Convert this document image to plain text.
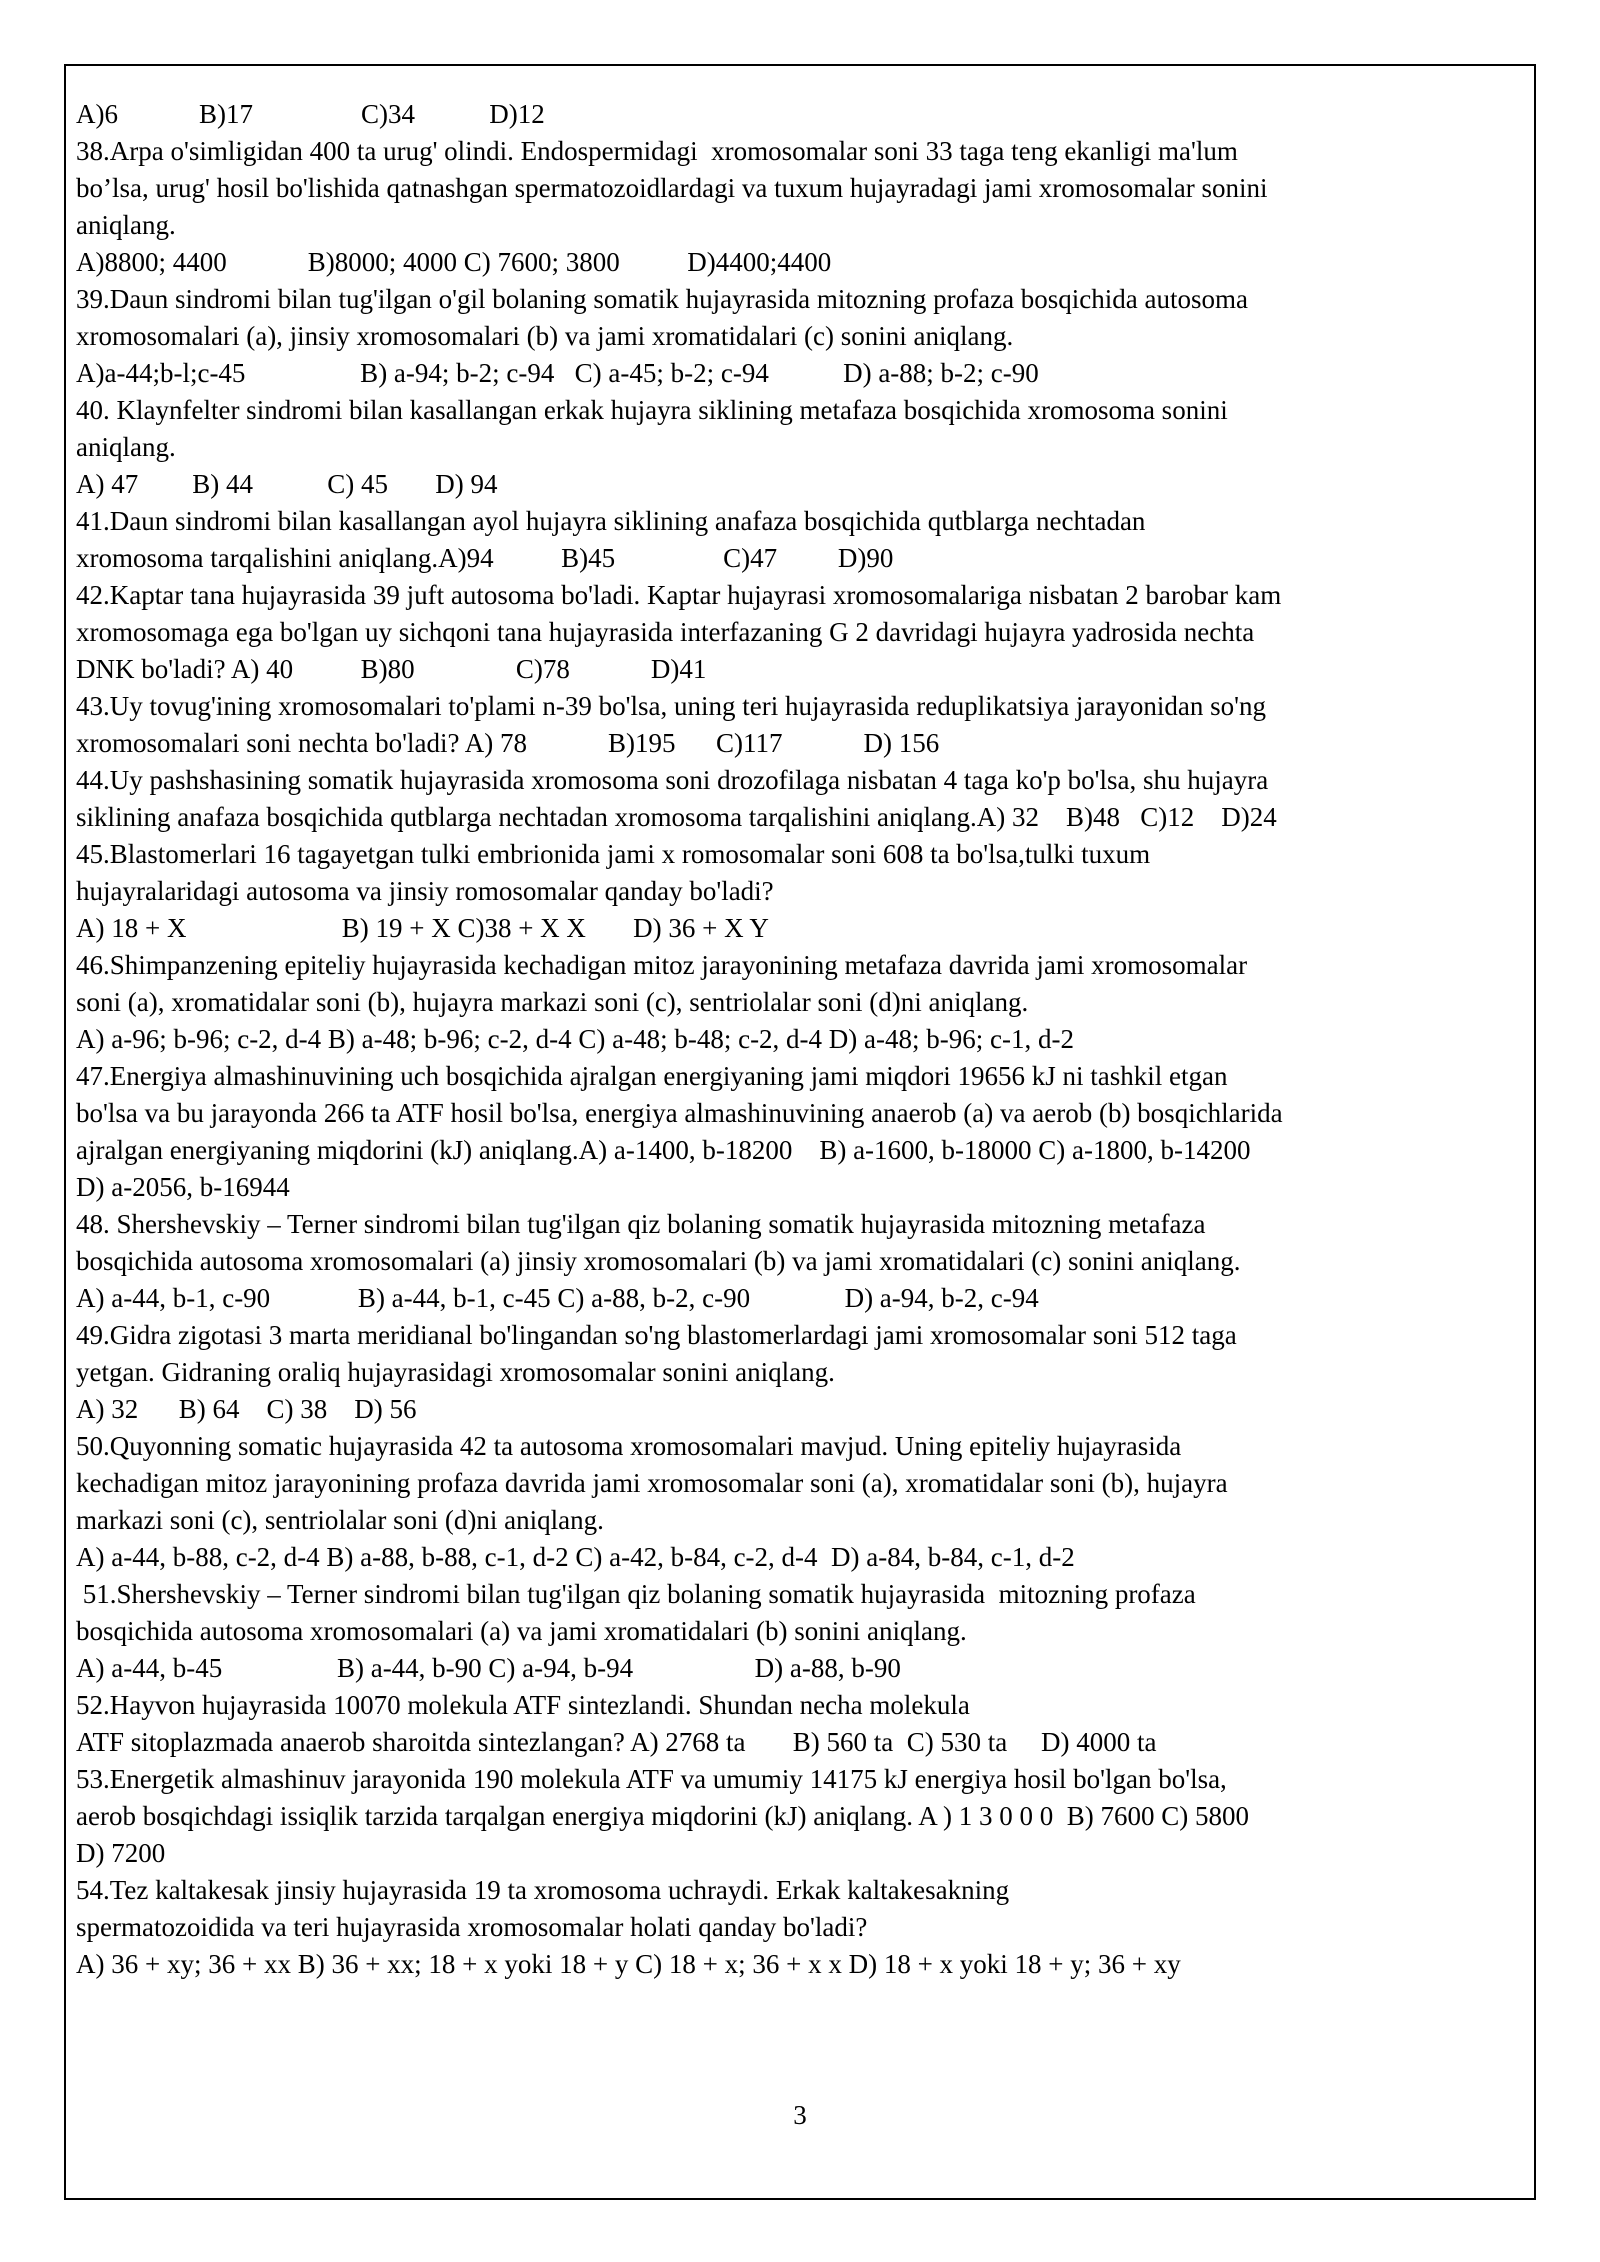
A)6            B)17                C)34           D)12
38.Arpa o'simligidan 400 ta urug' olindi. Endospermidagi  xromosomalar soni 33 taga teng ekanligi ma'lum
bo’lsa, urug' hosil bo'lishida qatnashgan spermatozoidlardagi va tuxum hujayradagi jami xromosomalar sonini
aniqlang.
A)8800; 4400            B)8000; 4000 C) 7600; 3800          D)4400;4400
39.Daun sindromi bilan tug'ilgan o'gil bolaning somatik hujayrasida mitozning profaza bosqichida autosoma
xromosomalari (a), jinsiy xromosomalari (b) va jami xromatidalari (c) sonini aniqlang.
A)a-44;b-l;c-45                 B) a-94; b-2; c-94   C) a-45; b-2; c-94           D) a-88; b-2; c-90
40. Klaynfelter sindromi bilan kasallangan erkak hujayra siklining metafaza bosqichida xromosoma sonini
aniqlang.
A) 47        B) 44           C) 45       D) 94
41.Daun sindromi bilan kasallangan ayol hujayra siklining anafaza bosqichida qutblarga nechtadan
xromosoma tarqalishini aniqlang.A)94          B)45                C)47         D)90
42.Kaptar tana hujayrasida 39 juft autosoma bo'ladi. Kaptar hujayrasi xromosomalariga nisbatan 2 barobar kam
xromosomaga ega bo'lgan uy sichqoni tana hujayrasida interfazaning G 2 davridagi hujayra yadrosida nechta
DNK bo'ladi? A) 40          B)80               C)78            D)41
43.Uy tovug'ining xromosomalari to'plami n-39 bo'lsa, uning teri hujayrasida reduplikatsiya jarayonidan so'ng
xromosomalari soni nechta bo'ladi? A) 78            B)195      C)117            D) 156
44.Uy pashshasining somatik hujayrasida xromosoma soni drozofilaga nisbatan 4 taga ko'p bo'lsa, shu hujayra
siklining anafaza bosqichida qutblarga nechtadan xromosoma tarqalishini aniqlang.A) 32    B)48   C)12    D)24
45.Blastomerlari 16 tagayetgan tulki embrionida jami x romosomalar soni 608 ta bo'lsa,tulki tuxum
hujayralaridagi autosoma va jinsiy romosomalar qanday bo'ladi?
A) 18 + X                       B) 19 + X C)38 + X X       D) 36 + X Y
46.Shimpanzening epiteliy hujayrasida kechadigan mitoz jarayonining metafaza davrida jami xromosomalar
soni (a), xromatidalar soni (b), hujayra markazi soni (c), sentriolalar soni (d)ni aniqlang.
A) a-96; b-96; c-2, d-4 B) a-48; b-96; c-2, d-4 C) a-48; b-48; c-2, d-4 D) a-48; b-96; c-1, d-2
47.Energiya almashinuvining uch bosqichida ajralgan energiyaning jami miqdori 19656 kJ ni tashkil etgan
bo'lsa va bu jarayonda 266 ta ATF hosil bo'lsa, energiya almashinuvining anaerob (a) va aerob (b) bosqichlarida
ajralgan energiyaning miqdorini (kJ) aniqlang.A) a-1400, b-18200    B) a-1600, b-18000 C) a-1800, b-14200
D) a-2056, b-16944
48. Shershevskiy – Terner sindromi bilan tug'ilgan qiz bolaning somatik hujayrasida mitozning metafaza
bosqichida autosoma xromosomalari (a) jinsiy xromosomalari (b) va jami xromatidalari (c) sonini aniqlang.
A) a-44, b-1, c-90             B) a-44, b-1, c-45 C) a-88, b-2, c-90              D) a-94, b-2, c-94
49.Gidra zigotasi 3 marta meridianal bo'lingandan so'ng blastomerlardagi jami xromosomalar soni 512 taga
yetgan. Gidraning oraliq hujayrasidagi xromosomalar sonini aniqlang.
A) 32      B) 64    C) 38    D) 56
50.Quyonning somatic hujayrasida 42 ta autosoma xromosomalari mavjud. Uning epiteliy hujayrasida
kechadigan mitoz jarayonining profaza davrida jami xromosomalar soni (a), xromatidalar soni (b), hujayra
markazi soni (c), sentriolalar soni (d)ni aniqlang.
A) a-44, b-88, c-2, d-4 B) a-88, b-88, c-1, d-2 C) a-42, b-84, c-2, d-4  D) a-84, b-84, c-1, d-2
51.Shershevskiy – Terner sindromi bilan tug'ilgan qiz bolaning somatik hujayrasida  mitozning profaza
bosqichida autosoma xromosomalari (a) va jami xromatidalari (b) sonini aniqlang.
A) a-44, b-45                 B) a-44, b-90 C) a-94, b-94                  D) a-88, b-90
52.Hayvon hujayrasida 10070 molekula ATF sintezlandi. Shundan necha molekula
ATF sitoplazmada anaerob sharoitda sintezlangan? A) 2768 ta       B) 560 ta  C) 530 ta     D) 4000 ta
53.Energetik almashinuv jarayonida 190 molekula ATF va umumiy 14175 kJ energiya hosil bo'lgan bo'lsa,
aerob bosqichdagi issiqlik tarzida tarqalgan energiya miqdorini (kJ) aniqlang. A ) 1 3 0 0 0  B) 7600 C) 5800
D) 7200
54.Tez kaltakesak jinsiy hujayrasida 19 ta xromosoma uchraydi. Erkak kaltakesakning
spermatozoidida va teri hujayrasida xromosomalar holati qanday bo'ladi?
A) 36 + xy; 36 + xx B) 36 + xx; 18 + x yoki 18 + y C) 18 + x; 36 + x x D) 18 + x yoki 18 + y; 36 + xy
3
